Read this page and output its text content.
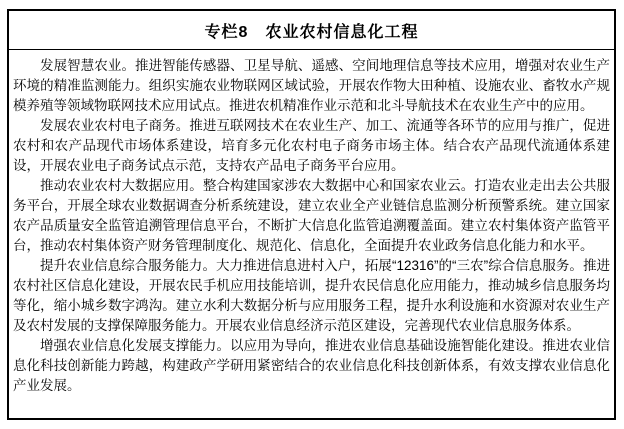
专栏8　农业农村信息化工程

发展智慧农业。推进智能传感器、卫星导航、遥感、空间地理信息等技术应用，增强对农业生产环境的精准监测能力。组织实施农业物联网区域试验，开展农作物大田种植、设施农业、畜牧水产规模养殖等领域物联网技术应用试点。推进农机精准作业示范和北斗导航技术在农业生产中的应用。

发展农业农村电子商务。推进互联网技术在农业生产、加工、流通等各环节的应用与推广，促进农村和农产品现代市场体系建设，培育多元化农村电子商务市场主体。结合农产品现代流通体系建设，开展农业电子商务试点示范，支持农产品电子商务平台应用。

推动农业农村大数据应用。整合构建国家涉农大数据中心和国家农业云。打造农业走出去公共服务平台，开展全球农业数据调查分析系统建设，建立农业全产业链信息监测分析预警系统。建立国家农产品质量安全监管追溯管理信息平台，不断扩大信息化监管追溯覆盖面。建立农村集体资产监管平台，推动农村集体资产财务管理制度化、规范化、信息化，全面提升农业政务信息化能力和水平。

提升农业信息综合服务能力。大力推进信息进村入户，拓展“12316”的“三农”综合信息服务。推进农村社区信息化建设，开展农民手机应用技能培训，提升农民信息化应用能力，推动城乡信息服务均等化，缩小城乡数字鸿沟。建立水利大数据分析与应用服务工程，提升水利设施和水资源对农业生产及农村发展的支撑保障服务能力。开展农业信息经济示范区建设，完善现代农业信息服务体系。

增强农业信息化发展支撑能力。以应用为导向，推进农业信息基础设施智能化建设。推进农业信息化科技创新能力跨越，构建政产学研用紧密结合的农业信息化科技创新体系，有效支撑农业信息化产业发展。
